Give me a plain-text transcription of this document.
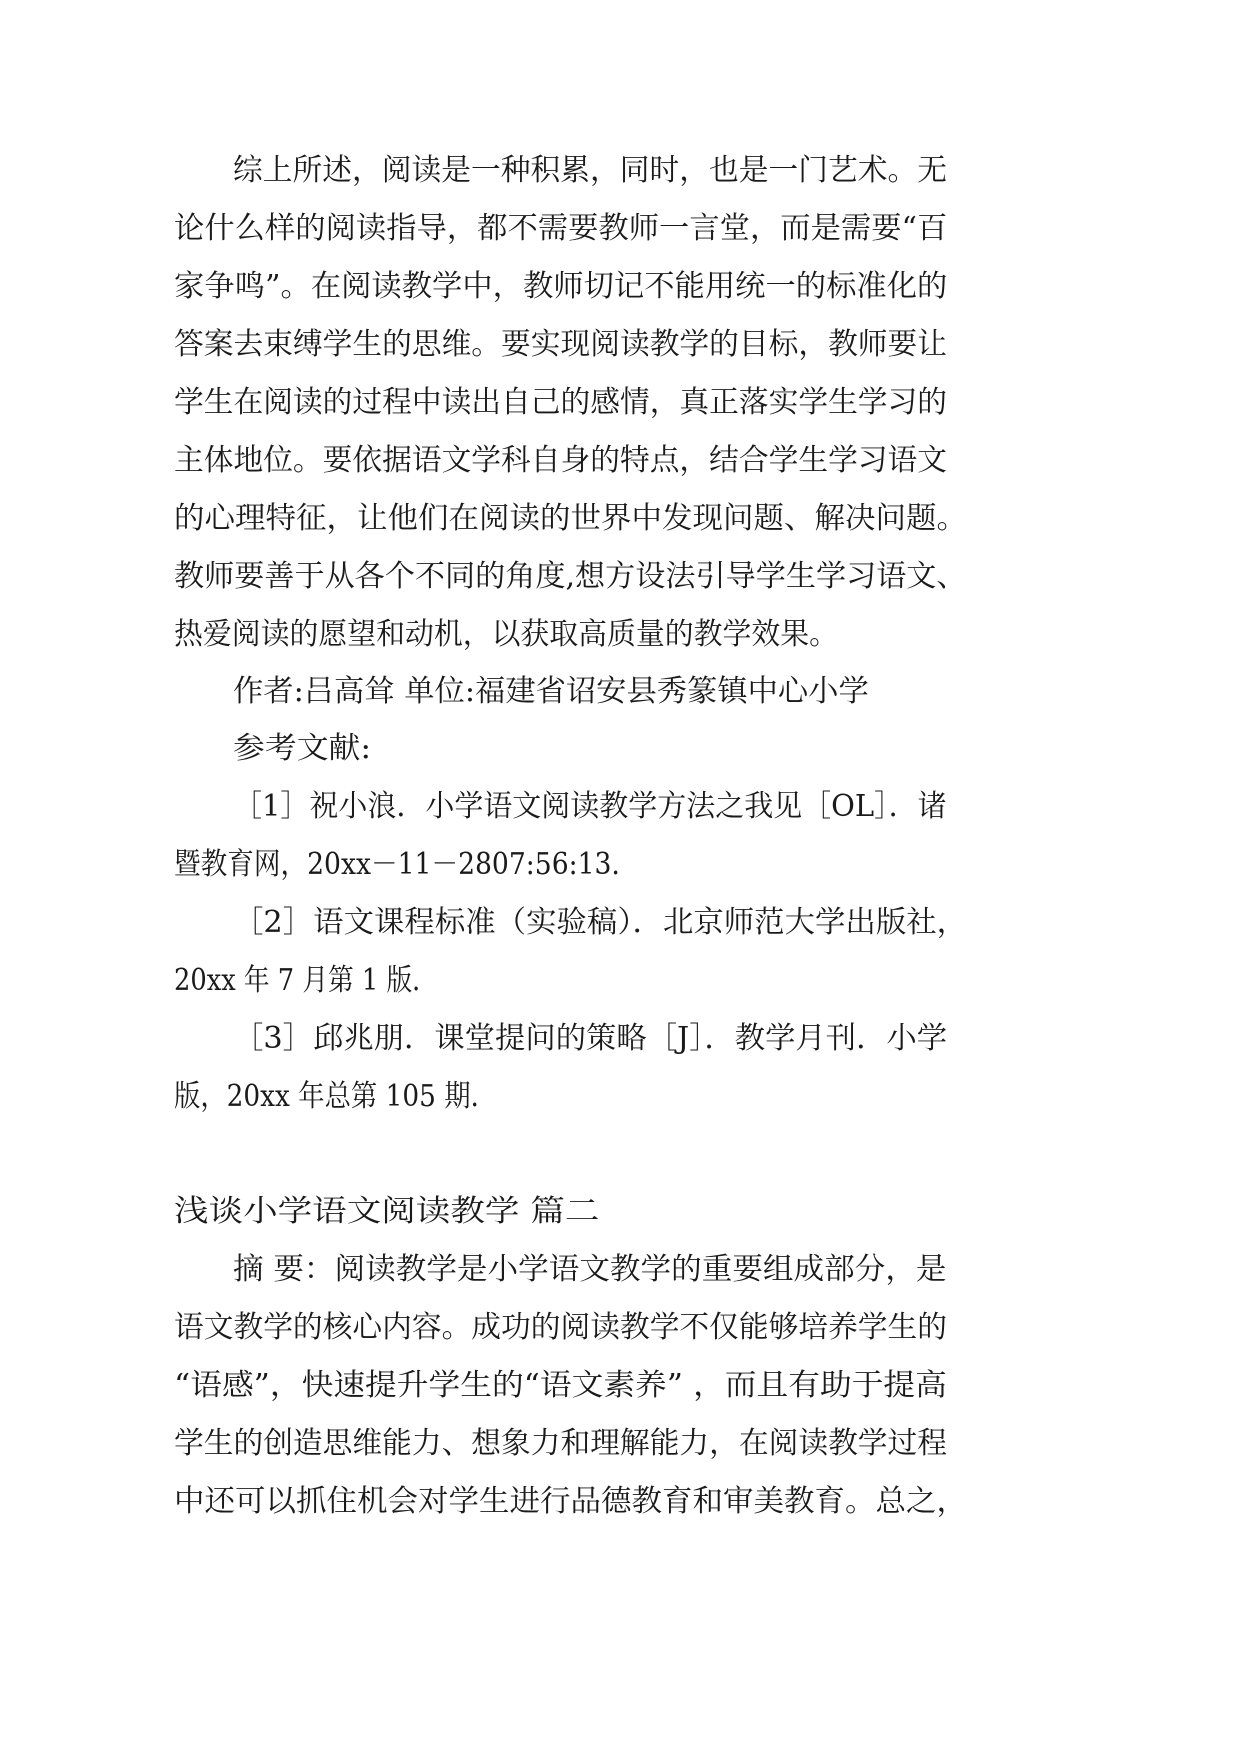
综上所述，阅读是一种积累，同时，也是一门艺术。无
论什么样的阅读指导，都不需要教师一言堂，而是需要“百
家争鸣”。在阅读教学中，教师切记不能用统一的标准化的
答案去束缚学生的思维。要实现阅读教学的目标，教师要让
学生在阅读的过程中读出自己的感情，真正落实学生学习的
主体地位。要依据语文学科自身的特点，结合学生学习语文
的心理特征，让他们在阅读的世界中发现问题、解决问题。
教师要善于从各个不同的角度,想方设法引导学生学习语文、
热爱阅读的愿望和动机，以获取高质量的教学效果。
作者:吕高耸 单位:福建省诏安县秀篆镇中心小学
参考文献:
［1］祝小浪．小学语文阅读教学方法之我见［OL］．诸
暨教育网，20xx－11－2807:56:13．
［2］语文课程标准（实验稿）．北京师范大学出版社，
20xx 年 7 月第 1 版．
［3］邱兆朋．课堂提问的策略［J］．教学月刊．小学
版，20xx 年总第 105 期．
浅谈小学语文阅读教学 篇二
摘 要：阅读教学是小学语文教学的重要组成部分，是
语文教学的核心内容。成功的阅读教学不仅能够培养学生的
“语感”，快速提升学生的“语文素养” ，而且有助于提高
学生的创造思维能力、想象力和理解能力，在阅读教学过程
中还可以抓住机会对学生进行品德教育和审美教育。总之，
